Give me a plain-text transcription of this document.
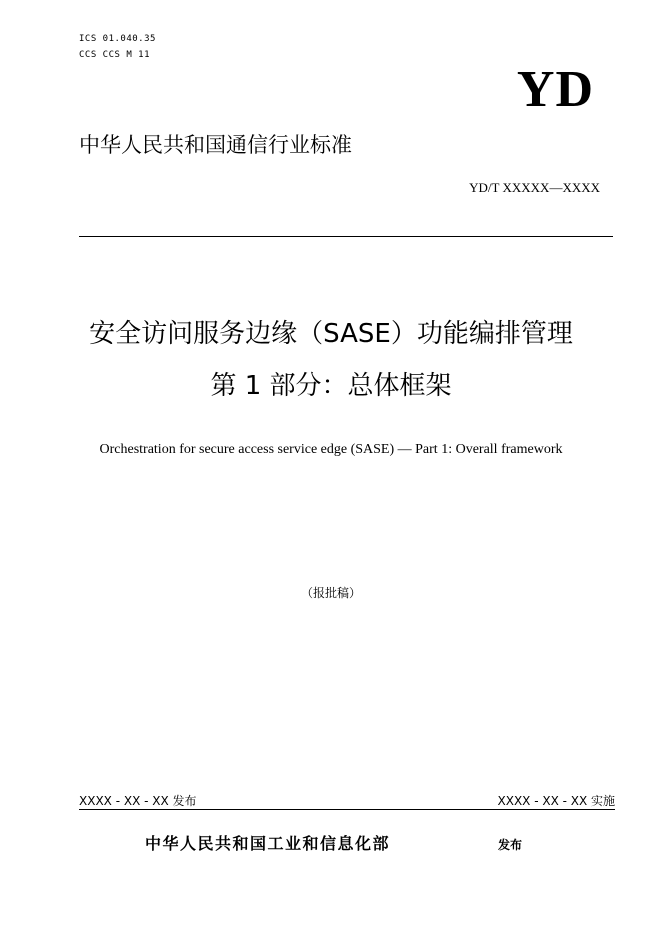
ICS 01.040.35
CCS CCS M 11
YD
中华人民共和国通信行业标准
YD/T XXXXX—XXXX
安全访问服务边缘（SASE）功能编排管理
第 1 部分：总体框架
Orchestration for secure access service edge (SASE) — Part 1: Overall framework
（报批稿）
XXXX - XX - XX 发布	XXXX - XX - XX 实施
中华人民共和国工业和信息化部	发布
